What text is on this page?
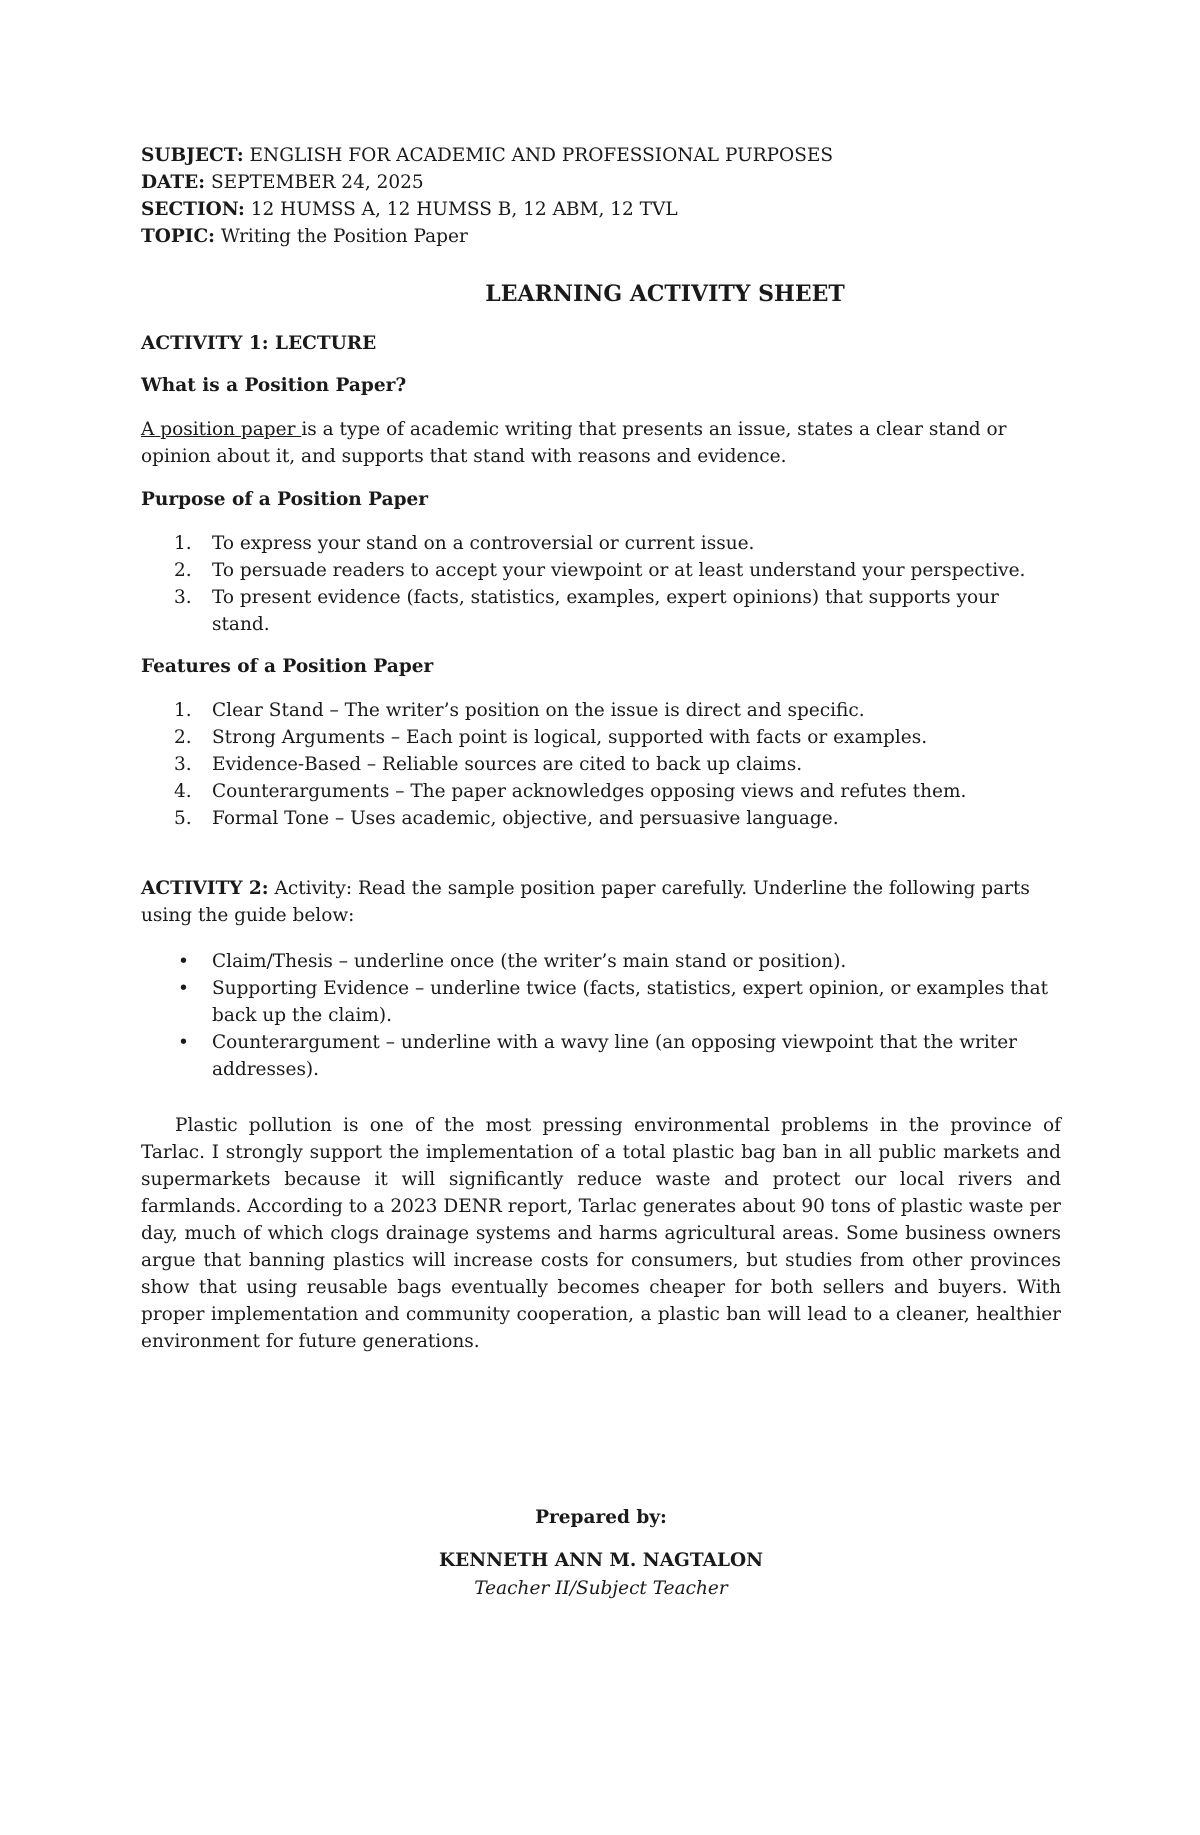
SUBJECT: ENGLISH FOR ACADEMIC AND PROFESSIONAL PURPOSES
DATE: SEPTEMBER 24, 2025
SECTION: 12 HUMSS A, 12 HUMSS B, 12 ABM, 12 TVL
TOPIC: Writing the Position Paper
LEARNING ACTIVITY SHEET
ACTIVITY 1: LECTURE
What is a Position Paper?

A position paper is a type of academic writing that presents an issue, states a clear stand or opinion about it, and supports that stand with reasons and evidence.

Purpose of a Position Paper
1. To express your stand on a controversial or current issue.
2. To persuade readers to accept your viewpoint or at least understand your perspective.
3. To present evidence (facts, statistics, examples, expert opinions) that supports your stand.
Features of a Position Paper
1. Clear Stand – The writer’s position on the issue is direct and specific.
2. Strong Arguments – Each point is logical, supported with facts or examples.
3. Evidence-Based – Reliable sources are cited to back up claims.
4. Counterarguments – The paper acknowledges opposing views and refutes them.
5. Formal Tone – Uses academic, objective, and persuasive language.

ACTIVITY 2: Activity: Read the sample position paper carefully. Underline the following parts using the guide below:

• Claim/Thesis – underline once (the writer’s main stand or position).
• Supporting Evidence – underline twice (facts, statistics, expert opinion, or examples that back up the claim).
• Counterargument – underline with a wavy line (an opposing viewpoint that the writer addresses).

Plastic pollution is one of the most pressing environmental problems in the province of Tarlac. I strongly support the implementation of a total plastic bag ban in all public markets and supermarkets because it will significantly reduce waste and protect our local rivers and farmlands. According to a 2023 DENR report, Tarlac generates about 90 tons of plastic waste per day, much of which clogs drainage systems and harms agricultural areas. Some business owners argue that banning plastics will increase costs for consumers, but studies from other provinces show that using reusable bags eventually becomes cheaper for both sellers and buyers. With proper implementation and community cooperation, a plastic ban will lead to a cleaner, healthier environment for future generations.

Prepared by:
KENNETH ANN M. NAGTALON
Teacher II/Subject Teacher
